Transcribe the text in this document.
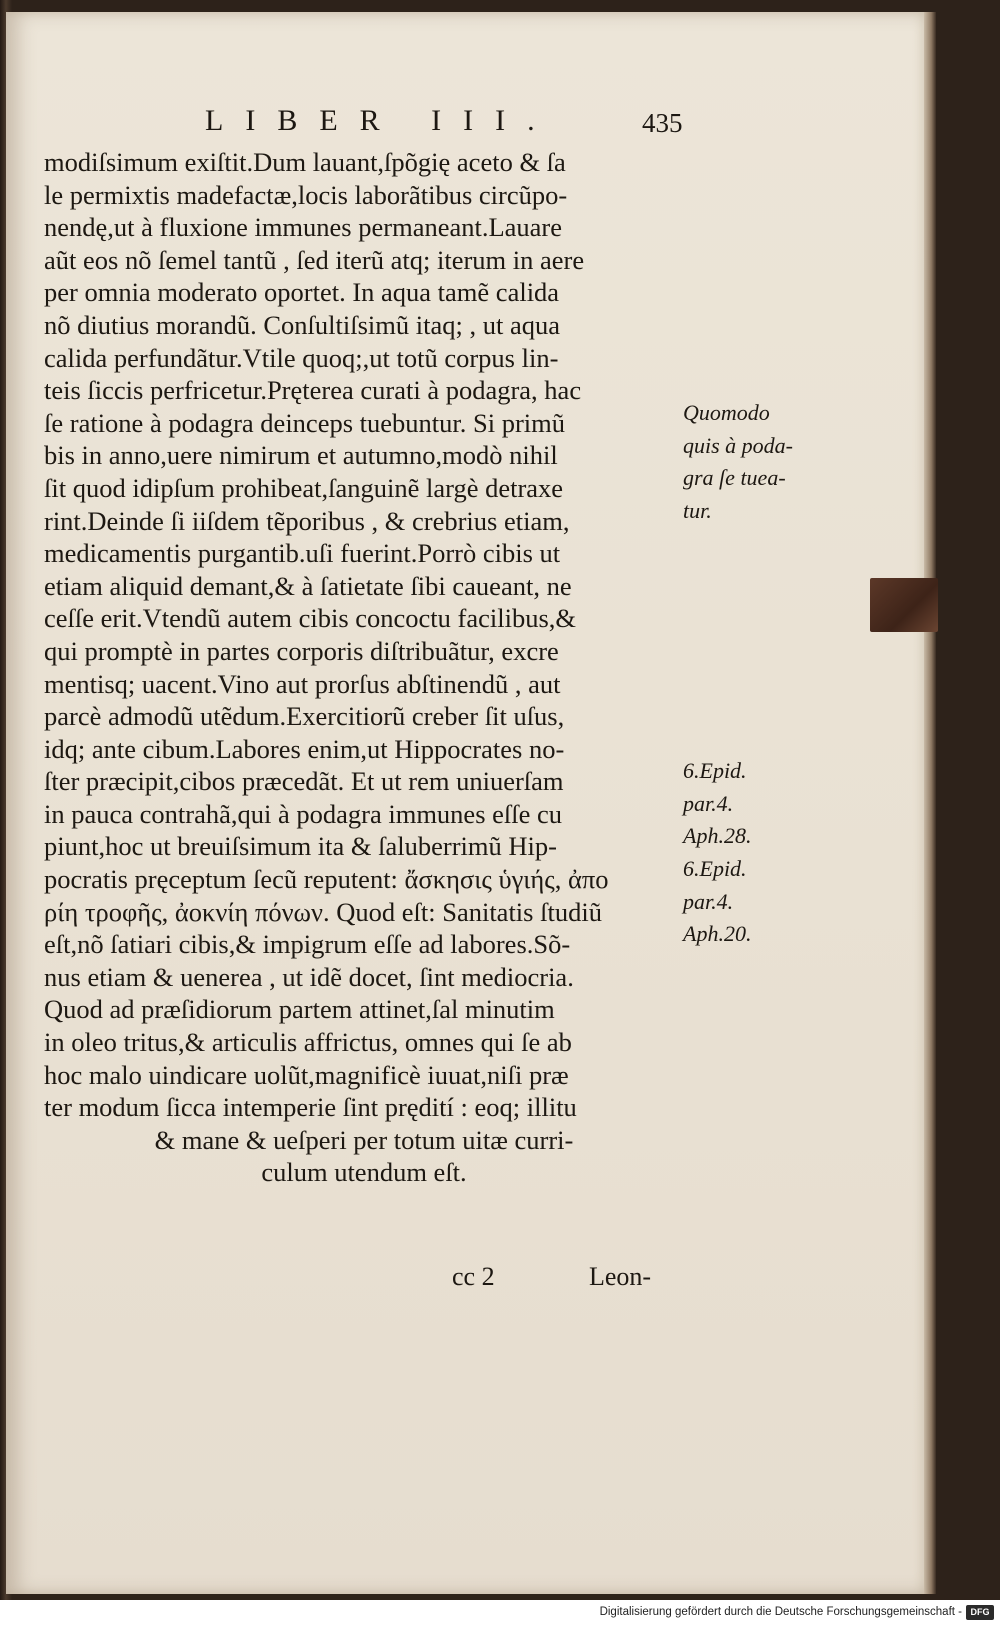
LIBER III.	435
modiſsimum exiſtit.Dum lauant,ſpõgię aceto & ſa
le permixtis madefactæ,locis laborãtibus circũpo-
nendę,ut à fluxione immunes permaneant.Lauare
aũt eos nõ ſemel tantũ , ſed iterũ atq; iterum in aere
per omnia moderato oportet. In aqua tamẽ calida
nõ diutius morandũ. Conſultiſsimũ itaq; , ut aqua
calida perfundãtur.Vtile quoq;,ut totũ corpus lin-
teis ſiccis perfricetur.Pręterea curati à podagra, hac
ſe ratione à podagra deinceps tuebuntur. Si primũ
bis in anno,uere nimirum et autumno,modò nihil
ſit quod idipſum prohibeat,ſanguinẽ largè detraxe
rint.Deinde ſi iiſdem tẽporibus , & crebrius etiam,
medicamentis purgantib.uſi fuerint.Porrò cibis ut
etiam aliquid demant,& à ſatietate ſibi caueant, ne
ceſſe erit.Vtendũ autem cibis concoctu facilibus,&
qui promptè in partes corporis diſtribuãtur, excre
mentisq; uacent.Vino aut prorſus abſtinendũ , aut
parcè admodũ utẽdum.Exercitiorũ creber ſit uſus,
idq; ante cibum.Labores enim,ut Hippocrates no-
ſter præcipit,cibos præcedãt. Et ut rem uniuerſam
in pauca contrahã,qui à podagra immunes eſſe cu
piunt,hoc ut breuiſsimum ita & ſaluberrimũ Hip-
pocratis pręceptum ſecũ reputent: ἄσκησις ὑγιής, ἀπο
ρίη τροφῆς, ἀοκνίη πόνων. Quod eſt: Sanitatis ſtudiũ
eſt,nõ ſatiari cibis,& impigrum eſſe ad labores.Sõ-
nus etiam & uenerea , ut idẽ docet, ſint mediocria.
Quod ad præſidiorum partem attinet,ſal minutim
in oleo tritus,& articulis affrictus, omnes qui ſe ab
hoc malo uindicare uolũt,magnificè iuuat,niſi præ
ter modum ſicca intemperie ſint prędití : eoq; illitu
& mane & ueſperi per totum uitæ curri-
culum utendum eſt.
Quomodo
quis à poda-
gra ſe tuea-
tur.
6.Epid.
par.4.
Aph.28.
6.Epid.
par.4.
Aph.20.
cc 2	Leon-
Digitalisierung gefördert durch die Deutsche Forschungsgemeinschaft - DFG
